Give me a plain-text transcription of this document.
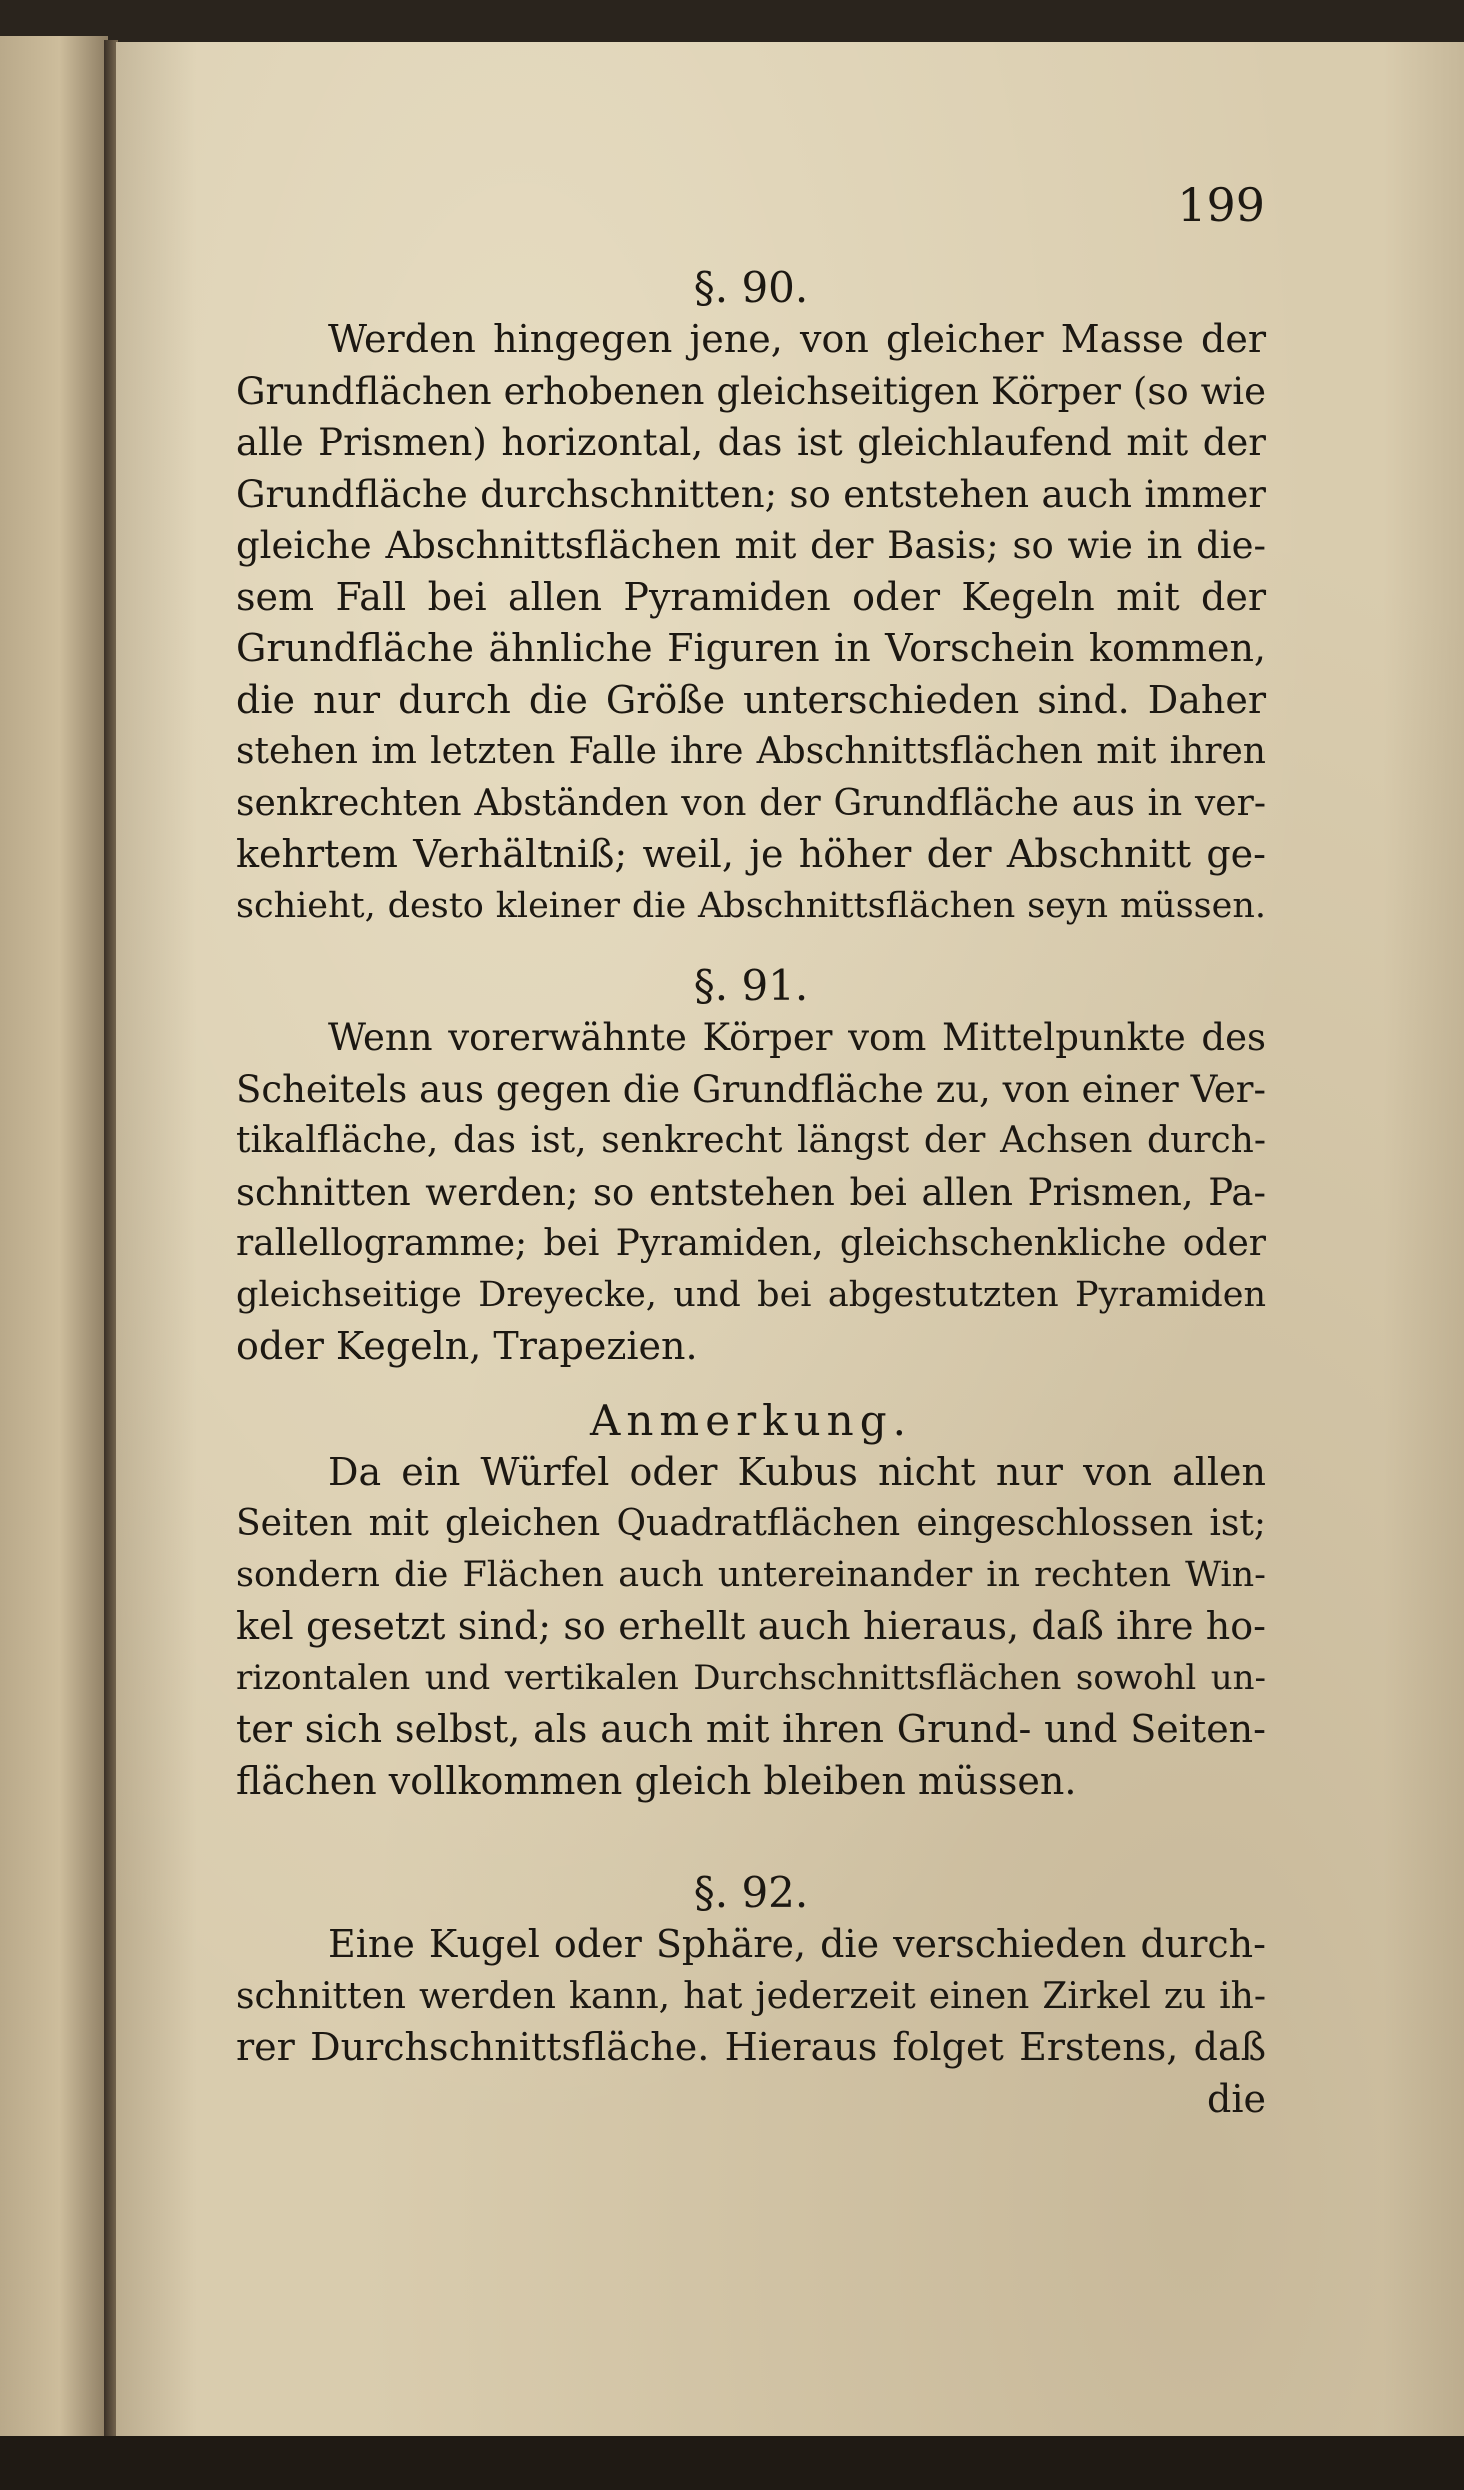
199
§. 90.
Werden hingegen jene, von gleicher Masse der
Grundflächen erhobenen gleichseitigen Körper (so wie
alle Prismen) horizontal, das ist gleichlaufend mit der
Grundfläche durchschnitten; so entstehen auch immer
gleiche Abschnittsflächen mit der Basis; so wie in die-
sem Fall bei allen Pyramiden oder Kegeln mit der
Grundfläche ähnliche Figuren in Vorschein kommen,
die nur durch die Größe unterschieden sind. Daher
stehen im letzten Falle ihre Abschnittsflächen mit ihren
senkrechten Abständen von der Grundfläche aus in ver-
kehrtem Verhältniß; weil, je höher der Abschnitt ge-
schieht, desto kleiner die Abschnittsflächen seyn müssen.
§. 91.
Wenn vorerwähnte Körper vom Mittelpunkte des
Scheitels aus gegen die Grundfläche zu, von einer Ver-
tikalfläche, das ist, senkrecht längst der Achsen durch-
schnitten werden; so entstehen bei allen Prismen, Pa-
rallellogramme; bei Pyramiden, gleichschenkliche oder
gleichseitige Dreyecke, und bei abgestutzten Pyramiden
oder Kegeln, Trapezien.
Anmerkung.
Da ein Würfel oder Kubus nicht nur von allen
Seiten mit gleichen Quadratflächen eingeschlossen ist;
sondern die Flächen auch untereinander in rechten Win-
kel gesetzt sind; so erhellt auch hieraus, daß ihre ho-
rizontalen und vertikalen Durchschnittsflächen sowohl un-
ter sich selbst, als auch mit ihren Grund- und Seiten-
flächen vollkommen gleich bleiben müssen.
§. 92.
Eine Kugel oder Sphäre, die verschieden durch-
schnitten werden kann, hat jederzeit einen Zirkel zu ih-
rer Durchschnittsfläche. Hieraus folget Erstens, daß
die
